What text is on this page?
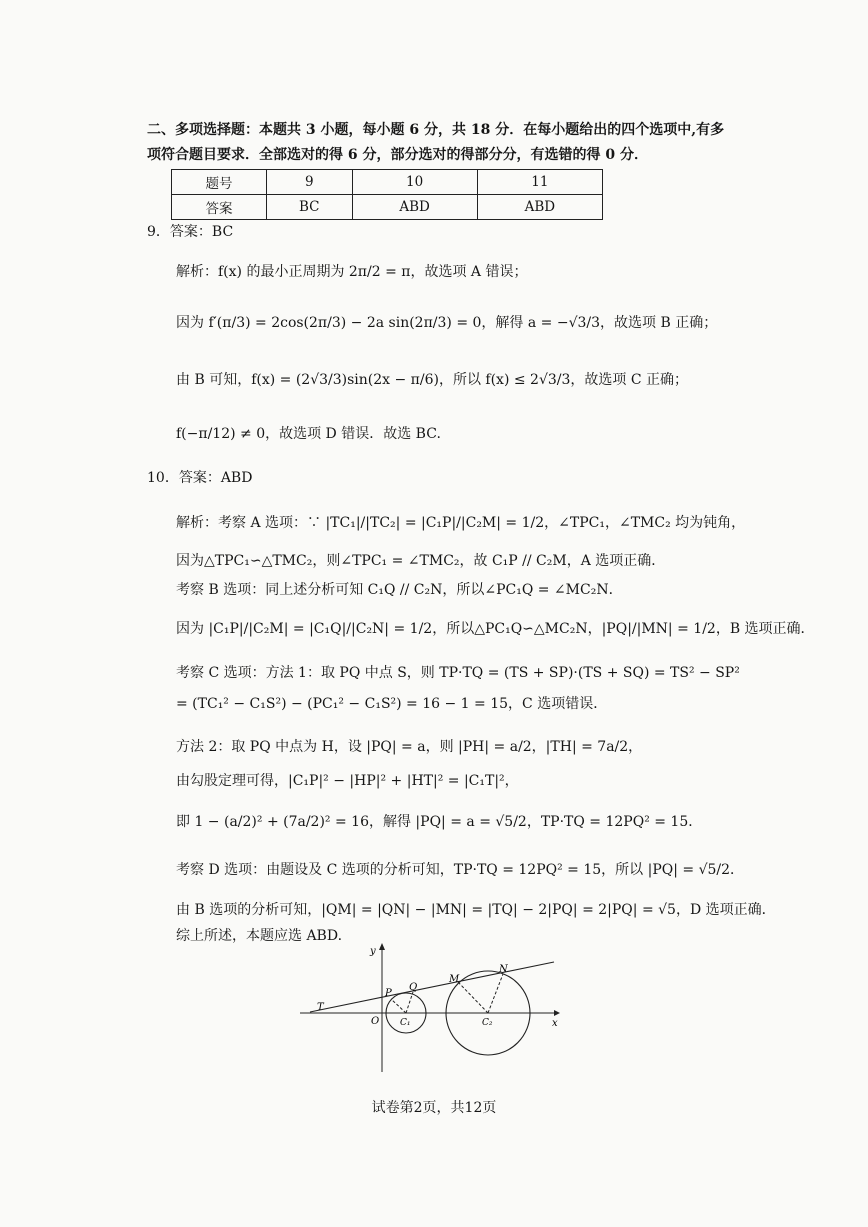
二、多项选择题：本题共 3 小题，每小题 6 分，共 18 分．在每小题给出的四个选项中,有多
项符合题目要求．全部选对的得 6 分，部分选对的得部分分，有选错的得 0 分．
题号	9	10	11
答案	BC	ABD	ABD
9．答案：BC
解析：f(x) 的最小正周期为 2π/2 = π，故选项 A 错误；
因为 f′(π/3) = 2cos(2π/3) − 2a sin(2π/3) = 0，解得 a = −√3/3，故选项 B 正确；
由 B 可知，f(x) = (2√3/3)sin(2x − π/6)，所以 f(x) ≤ 2√3/3，故选项 C 正确；
f(−π/12) ≠ 0，故选项 D 错误．故选 BC.
10．答案：ABD
解析：考察 A 选项：∵ |TC₁|/|TC₂| = |C₁P|/|C₂M| = 1/2，∠TPC₁，∠TMC₂ 均为钝角，
因为△TPC₁∽△TMC₂，则∠TPC₁ = ∠TMC₂，故 C₁P // C₂M，A 选项正确．
考察 B 选项：同上述分析可知 C₁Q // C₂N，所以∠PC₁Q = ∠MC₂N．
因为 |C₁P|/|C₂M| = |C₁Q|/|C₂N| = 1/2，所以△PC₁Q∽△MC₂N，|PQ|/|MN| = 1/2，B 选项正确．
考察 C 选项：方法 1：取 PQ 中点 S，则 TP·TQ = (TS + SP)·(TS + SQ) = TS² − SP²
= (TC₁² − C₁S²) − (PC₁² − C₁S²) = 16 − 1 = 15，C 选项错误．
方法 2：取 PQ 中点为 H，设 |PQ| = a，则 |PH| = a/2，|TH| = 7a/2，
由勾股定理可得，|C₁P|² − |HP|² + |HT|² = |C₁T|²，
即 1 − (a/2)² + (7a/2)² = 16，解得 |PQ| = a = √5/2，TP·TQ = 12PQ² = 15．
考察 D 选项：由题设及 C 选项的分析可知，TP·TQ = 12PQ² = 15，所以 |PQ| = √5/2．
由 B 选项的分析可知，|QM| = |QN| − |MN| = |TQ| − 2|PQ| = 2|PQ| = √5，D 选项正确．
综上所述，本题应选 ABD.
x
y
O
T
P
Q
M
N
C₁	C₂
试卷第2页，共12页
